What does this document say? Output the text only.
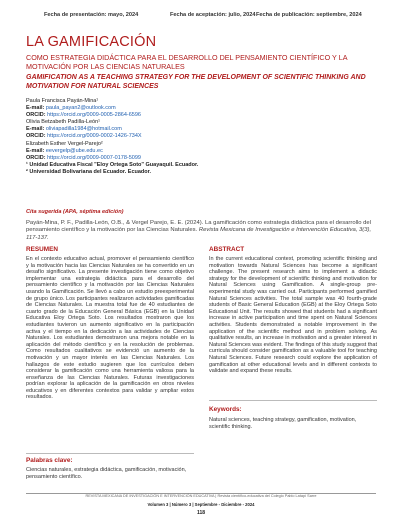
Fecha de presentación: mayo, 2024	Fecha de aceptación: julio, 2024 Fecha de publicación: septiembre, 2024
LA GAMIFICACIÓN
COMO ESTRATEGIA DIDÁCTICA PARA EL DESARROLLO DEL PENSAMIENTO CIENTÍFICO Y LA MOTIVACIÓN POR LAS CIENCIAS NATURALES
GAMIFICATION AS A TEACHING STRATEGY FOR THE DEVELOPMENT OF SCIENTIFIC THINKING AND MOTIVATION FOR NATURAL SCIENCES
Paula Francisca Payán-Mina¹
E-mail: paula_payan2@outlook.com
ORCID: https://orcid.org/0009-0005-2864-6596
Olivia Betzabeth Padilla-León¹
E-mail: oliviapadilla1984@hotmail.com
ORCID: https://orcid.org/0009-0002-1426-734X
Elizabeth Esther Vergel-Parejo²
E-mail: eevergelp@ube.edu.ec
ORCID: https://orcid.org/0009-0007-0178-5099
¹ Unidad Educativa Fiscal "Eloy Ortega Soto" Guayaquil. Ecuador.
² Universidad Bolivariana del Ecuador. Ecuador.
Cita sugerida (APA, séptima edición)
Payán-Mina, P. F., Padilla-León, O.B., & Vergel Parejo, E. E. (2024). La gamificación como estrategia didáctica para el desarrollo del pensamiento científico y la motivación por las Ciencias Naturales. Revista Mexicana de Investigación e Intervención Educativa, 3(3), 117-137.
RESUMEN

En el contexto educativo actual, promover el pensamiento científico y la motivación hacia las Ciencias Naturales se ha convertido en un desafío significativo. La presente investigación tiene como objetivo implementar una estrategia didáctica para el desarrollo del pensamiento científico y la motivación por las Ciencias Naturales usando la Gamificación. Se llevó a cabo un estudio preexperimental de grupo único. Los participantes realizaron actividades gamificadas de Ciencias Naturales. La muestra total fue de 40 estudiantes de cuarto grado de la Educación General Básica (EGB) en la Unidad Educativa Eloy Ortega Soto. Los resultados mostraron que los estudiantes tuvieron un aumento significativo en la participación activa y el tiempo en la dedicación a las actividades de Ciencias Naturales. Los estudiantes demostraron una mejora notable en la aplicación del método científico y en la resolución de problemas. Como resultados cualitativos se evidenció un aumento de la motivación y un mayor interés en las Ciencias Naturales. Los hallazgos de este estudio sugieren que los currículos deben considerar la gamificación como una herramienta valiosa para la enseñanza de las Ciencias Naturales. Futuras investigaciones podrían explorar la aplicación de la gamificación en otros niveles educativos y en diferentes contextos para validar y ampliar estos resultados.

Palabras clave:
Ciencias naturales, estrategia didáctica, gamificación, motivación, pensamiento científico.
ABSTRACT

In the current educational context, promoting scientific thinking and motivation towards Natural Sciences has become a significant challenge. The present research aims to implement a didactic strategy for the development of scientific thinking and motivation for Natural Sciences using Gamification. A single-group pre-experimental study was carried out. Participants performed gamified Natural Sciences activities. The total sample was 40 fourth-grade students of Basic General Education (EGB) at the Eloy Ortega Soto Educational Unit. The results showed that students had a significant increase in active participation and time spent on Natural Sciences activities. Students demonstrated a notable improvement in the application of the scientific method and in problem solving. As qualitative results, an increase in motivation and a greater interest in Natural Sciences was evident. The findings of this study suggest that curricula should consider gamification as a valuable tool for teaching Natural Sciences. Future research could explore the application of gamification at other educational levels and in different contexts to validate and expand these results.

Keywords:
Natural sciences, teaching strategy, gamification, motivation, scientific thinking.
REVISTA MEXICANA DE INVESTIGACIÓN E INTERVENCIÓN EDUCATIVA | Revista científico-educativa del Colegio Pablo Latapí Sarre
Volumen 3 | Número 3 | Septiembre - Diciembre - 2024
118
